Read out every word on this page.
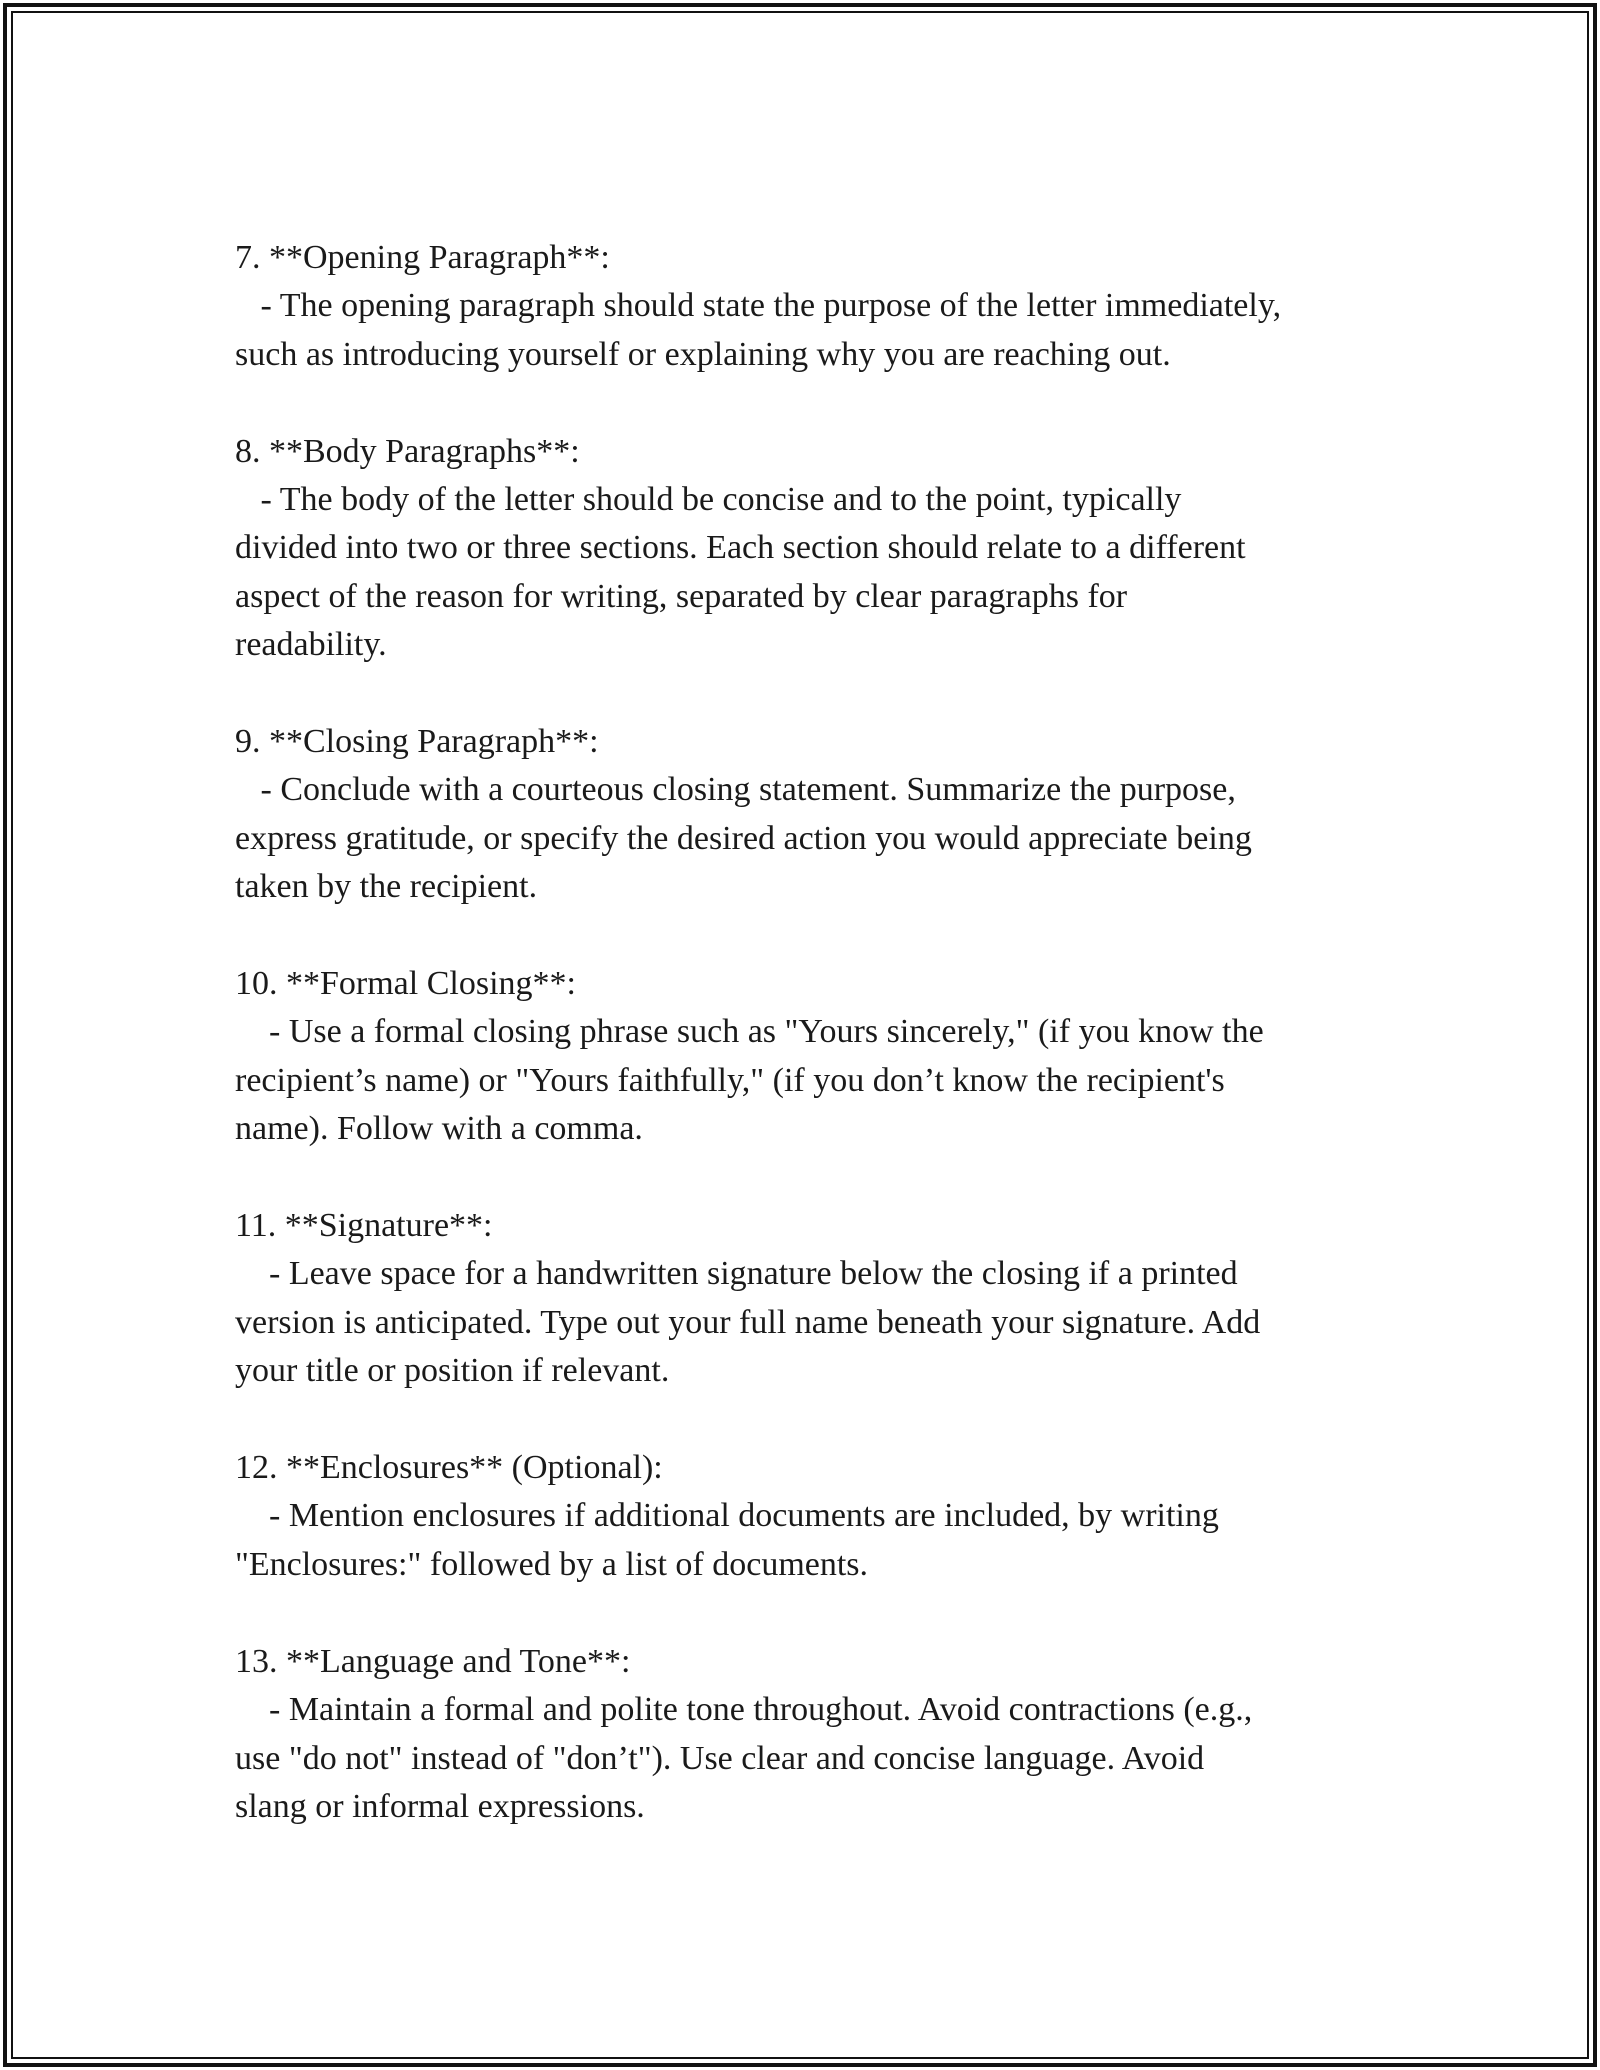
7. **Opening Paragraph**:
- The opening paragraph should state the purpose of the letter immediately,
such as introducing yourself or explaining why you are reaching out.
8. **Body Paragraphs**:
- The body of the letter should be concise and to the point, typically
divided into two or three sections. Each section should relate to a different
aspect of the reason for writing, separated by clear paragraphs for
readability.
9. **Closing Paragraph**:
- Conclude with a courteous closing statement. Summarize the purpose,
express gratitude, or specify the desired action you would appreciate being
taken by the recipient.
10. **Formal Closing**:
- Use a formal closing phrase such as "Yours sincerely," (if you know the
recipient’s name) or "Yours faithfully," (if you don’t know the recipient's
name). Follow with a comma.
11. **Signature**:
- Leave space for a handwritten signature below the closing if a printed
version is anticipated. Type out your full name beneath your signature. Add
your title or position if relevant.
12. **Enclosures** (Optional):
- Mention enclosures if additional documents are included, by writing
"Enclosures:" followed by a list of documents.
13. **Language and Tone**:
- Maintain a formal and polite tone throughout. Avoid contractions (e.g.,
use "do not" instead of "don’t"). Use clear and concise language. Avoid
slang or informal expressions.
